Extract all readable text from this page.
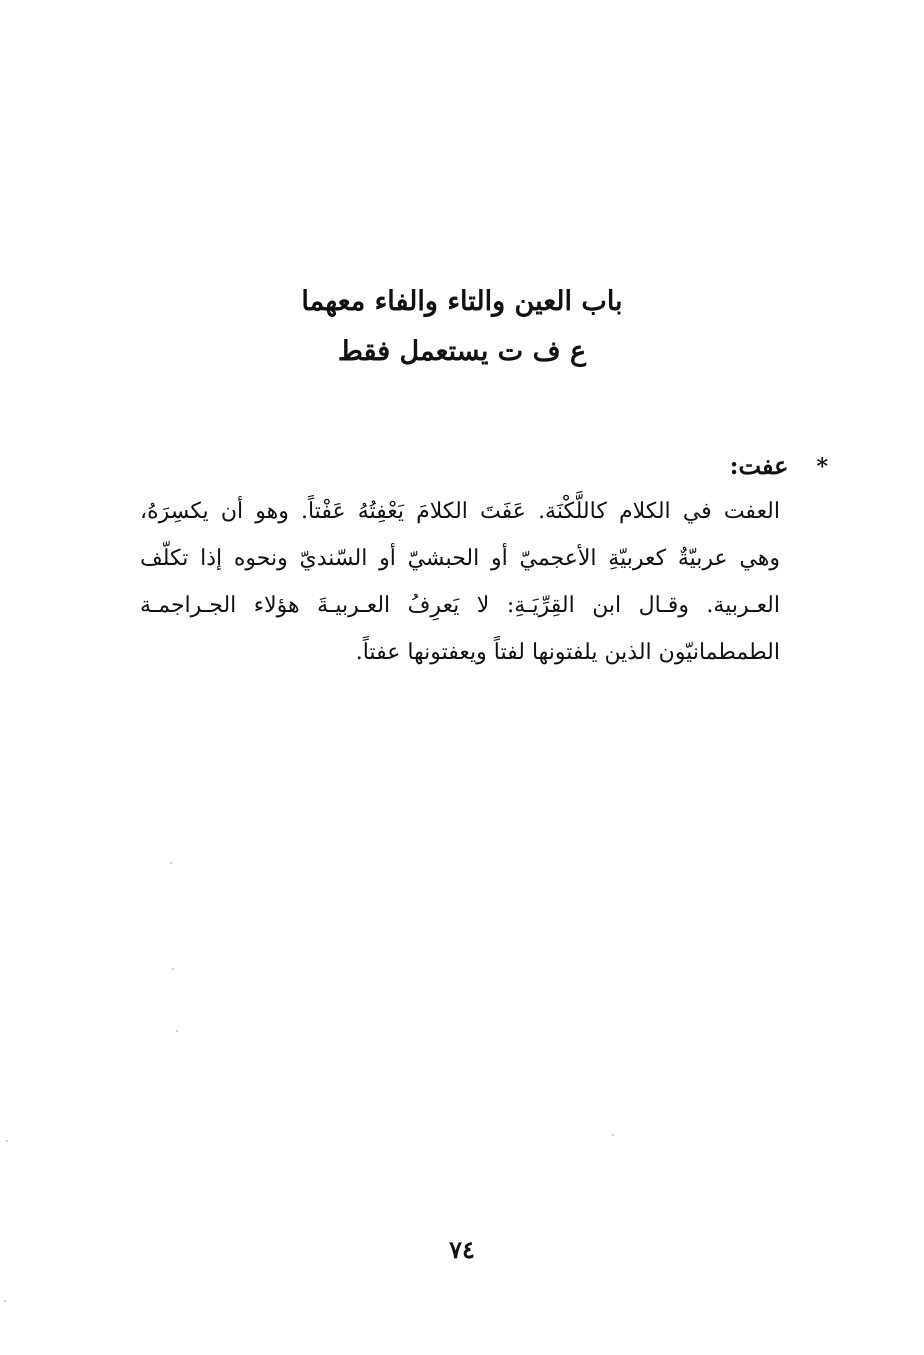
باب العين والتاء والفاء معهما
ع ف ت يستعمل فقط
*عفت:
العفت في الكلام كاللَّكْنَة. عَفَتَ الكلامَ يَعْفِتُهُ عَفْتاً. وهو أن يكسِرَهُ،
وهي عربيّةٌ كعربيّةِ الأعجميّ أو الحبشيّ أو السّنديّ ونحوه إذا تكلّف
العـربية. وقـال ابن القِرِّيَـةِ: لا يَعرِفُ العـربيـةَ هؤلاء الجـراجمـة
الطمطمانيّون الذين يلفتونها لفتاً ويعفتونها عفتاً.
٧٤
